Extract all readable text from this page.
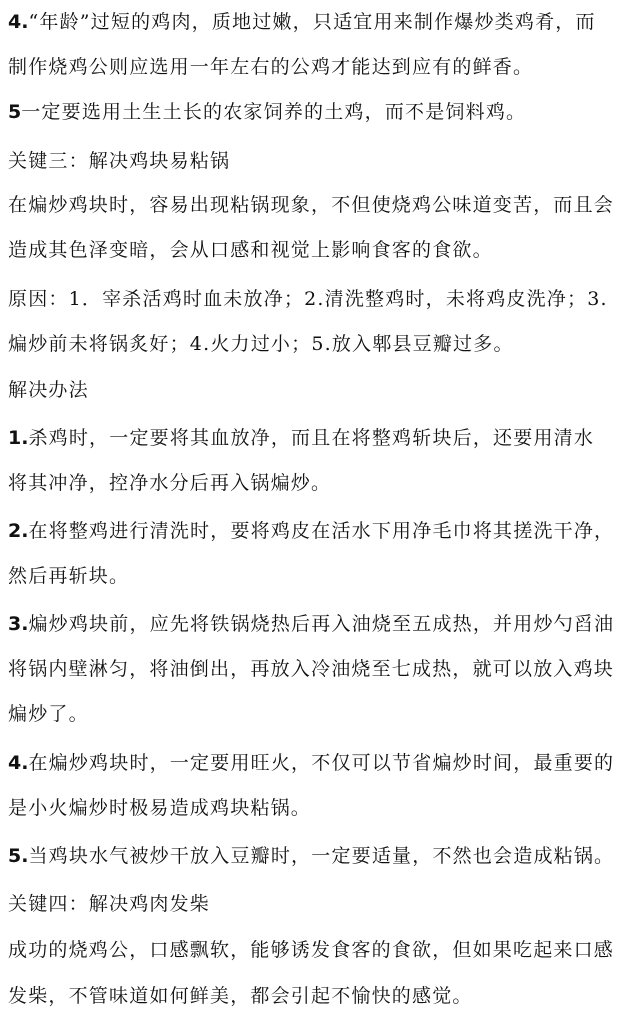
4.“年龄”过短的鸡肉，质地过嫩，只适宜用来制作爆炒类鸡肴，而
制作烧鸡公则应选用一年左右的公鸡才能达到应有的鲜香。
5一定要选用土生土长的农家饲养的土鸡，而不是饲料鸡。
关键三：解决鸡块易粘锅
在煸炒鸡块时，容易出现粘锅现象，不但使烧鸡公味道变苦，而且会
造成其色泽变暗，会从口感和视觉上影响食客的食欲。
原因：1．宰杀活鸡时血未放净；2.清洗整鸡时，未将鸡皮洗净；3.
煸炒前未将锅炙好；4.火力过小；5.放入郫县豆瓣过多。
解决办法
1.杀鸡时，一定要将其血放净，而且在将整鸡斩块后，还要用清水
将其冲净，控净水分后再入锅煸炒。
2.在将整鸡进行清洗时，要将鸡皮在活水下用净毛巾将其搓洗干净，
然后再斩块。
3.煸炒鸡块前，应先将铁锅烧热后再入油烧至五成热，并用炒勺舀油
将锅内壁淋匀，将油倒出，再放入冷油烧至七成热，就可以放入鸡块
煸炒了。
4.在煸炒鸡块时，一定要用旺火，不仅可以节省煸炒时间，最重要的
是小火煸炒时极易造成鸡块粘锅。
5.当鸡块水气被炒干放入豆瓣时，一定要适量，不然也会造成粘锅。
关键四：解决鸡肉发柴
成功的烧鸡公，口感飘软，能够诱发食客的食欲，但如果吃起来口感
发柴，不管味道如何鲜美，都会引起不愉快的感觉。
